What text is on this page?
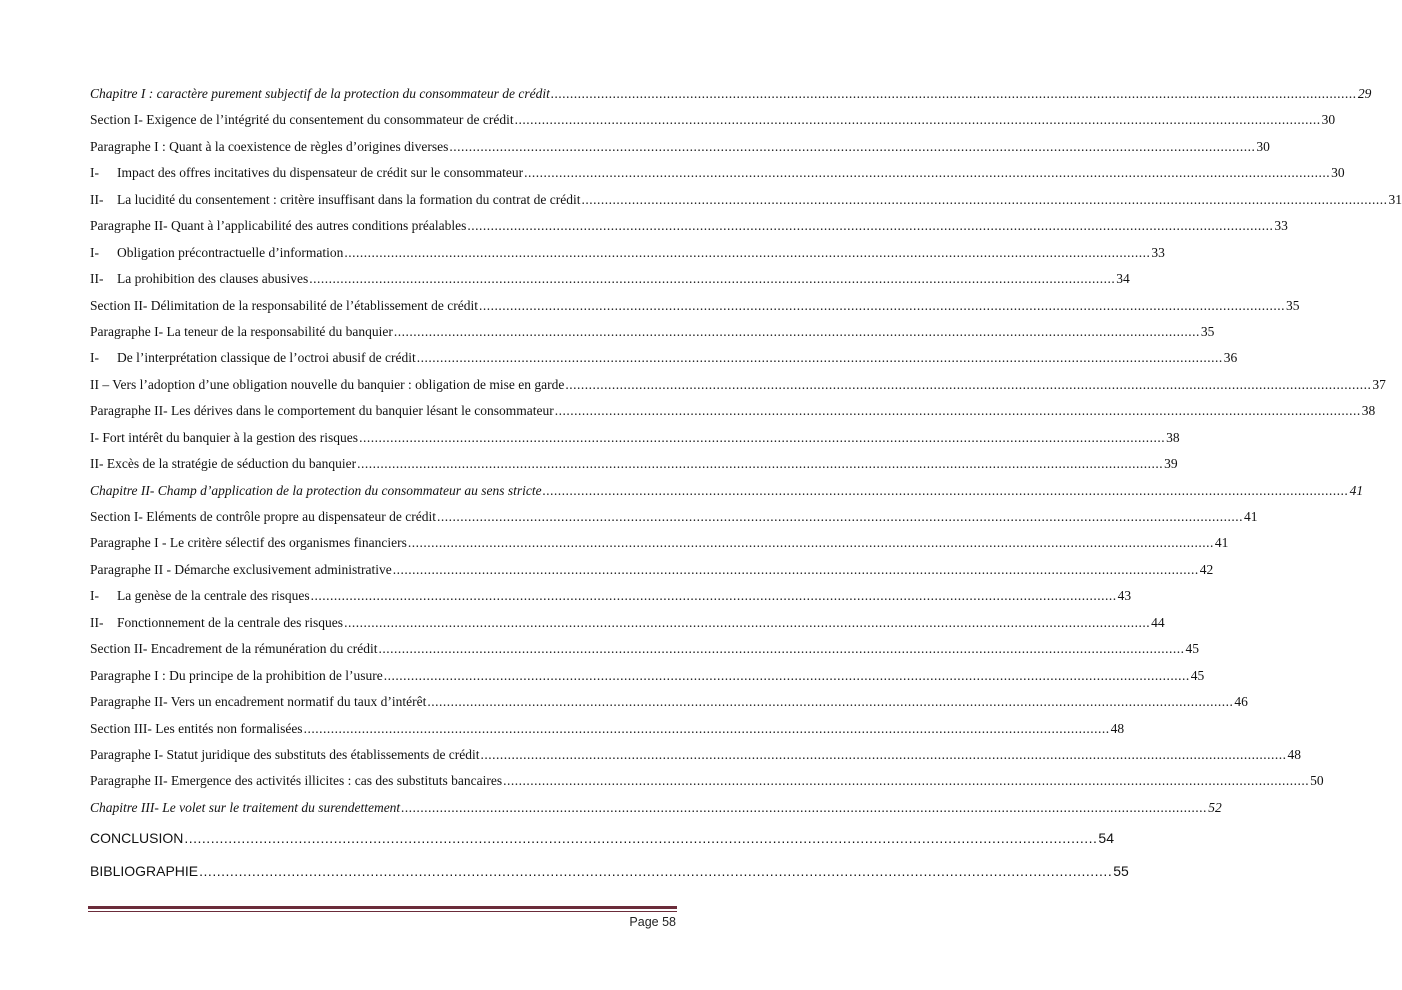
Chapitre I : caractère purement subjectif de la protection du consommateur de crédit .....	29
Section I- Exigence de l’intégrité du consentement du consommateur de crédit .....	30
Paragraphe I : Quant à la coexistence de règles d’origines diverses .....	30
I- Impact des offres incitatives du dispensateur de crédit sur le consommateur .....	30
II- La lucidité du consentement : critère insuffisant dans la formation du contrat de crédit .....	31
Paragraphe II- Quant à l’applicabilité des autres conditions préalables .....	33
I- Obligation précontractuelle d’information .....	33
II- La prohibition des clauses abusives .....	34
Section II- Délimitation de la responsabilité de l’établissement de crédit .....	35
Paragraphe I- La teneur de la responsabilité du banquier .....	35
I- De l’interprétation classique de l’octroi abusif de crédit .....	36
II – Vers l’adoption d’une obligation nouvelle du banquier : obligation de mise en garde .....	37
Paragraphe II- Les dérives dans le comportement du banquier lésant le consommateur .....	38
I- Fort intérêt du banquier à la gestion des risques .....	38
II- Excès de la stratégie de séduction du banquier .....	39
Chapitre II- Champ d’application de la protection du consommateur au sens stricte .....	41
Section I- Eléments de contrôle propre au dispensateur de crédit .....	41
Paragraphe I - Le critère sélectif des organismes financiers .....	41
Paragraphe II - Démarche exclusivement administrative .....	42
I- La genèse de la centrale des risques .....	43
II- Fonctionnement de la centrale des risques .....	44
Section II- Encadrement de la rémunération du crédit .....	45
Paragraphe I : Du principe de la prohibition de l’usure .....	45
Paragraphe II- Vers un encadrement normatif du taux d’intérêt .....	46
Section III- Les entités non formalisées .....	48
Paragraphe I- Statut juridique des substituts des établissements de crédit .....	48
Paragraphe II- Emergence des activités illicites : cas des substituts bancaires .....	50
Chapitre III- Le volet sur le traitement du surendettement .....	52
CONCLUSION .....	54
BIBLIOGRAPHIE .....	55
Page 58
